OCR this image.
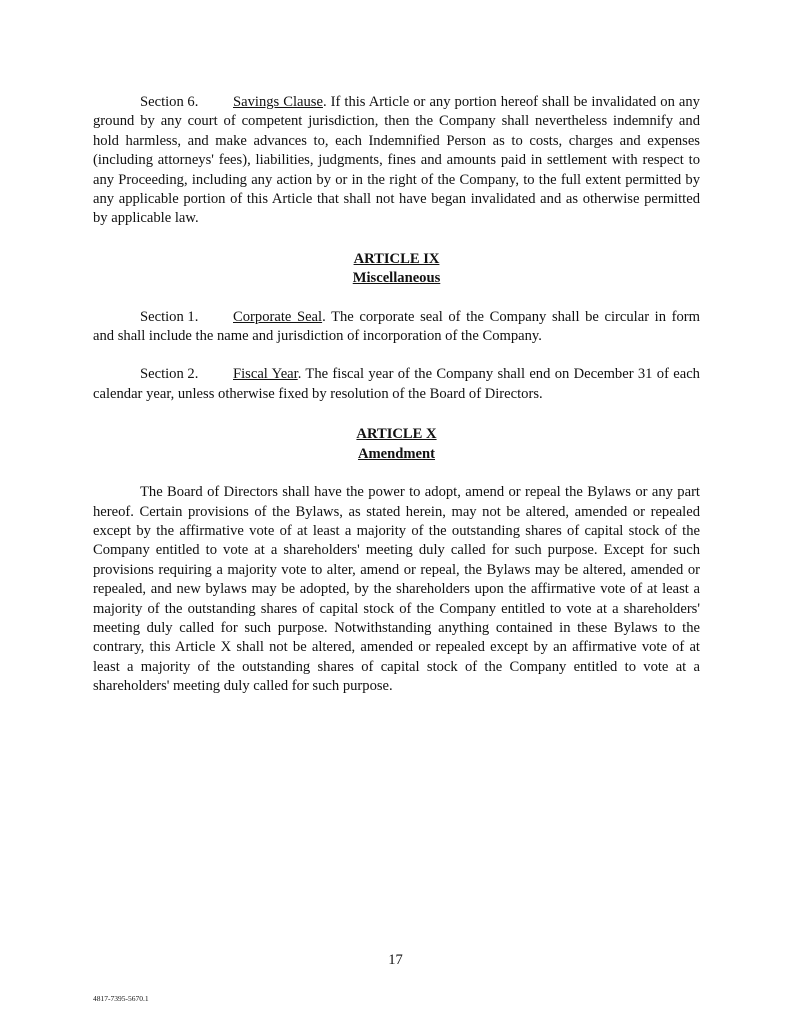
Section 6. Savings Clause. If this Article or any portion hereof shall be invalidated on any ground by any court of competent jurisdiction, then the Company shall nevertheless indemnify and hold harmless, and make advances to, each Indemnified Person as to costs, charges and expenses (including attorneys' fees), liabilities, judgments, fines and amounts paid in settlement with respect to any Proceeding, including any action by or in the right of the Company, to the full extent permitted by any applicable portion of this Article that shall not have began invalidated and as otherwise permitted by applicable law.

ARTICLE IX

Miscellaneous

Section 1. Corporate Seal. The corporate seal of the Company shall be circular in form and shall include the name and jurisdiction of incorporation of the Company.

Section 2. Fiscal Year. The fiscal year of the Company shall end on December 31 of each calendar year, unless otherwise fixed by resolution of the Board of Directors.

ARTICLE X

Amendment

The Board of Directors shall have the power to adopt, amend or repeal the Bylaws or any part hereof. Certain provisions of the Bylaws, as stated herein, may not be altered, amended or repealed except by the affirmative vote of at least a majority of the outstanding shares of capital stock of the Company entitled to vote at a shareholders' meeting duly called for such purpose. Except for such provisions requiring a majority vote to alter, amend or repeal, the Bylaws may be altered, amended or repealed, and new bylaws may be adopted, by the shareholders upon the affirmative vote of at least a majority of the outstanding shares of capital stock of the Company entitled to vote at a shareholders' meeting duly called for such purpose. Notwithstanding anything contained in these Bylaws to the contrary, this Article X shall not be altered, amended or repealed except by an affirmative vote of at least a majority of the outstanding shares of capital stock of the Company entitled to vote at a shareholders' meeting duly called for such purpose.

17
4817-7395-5670.1
